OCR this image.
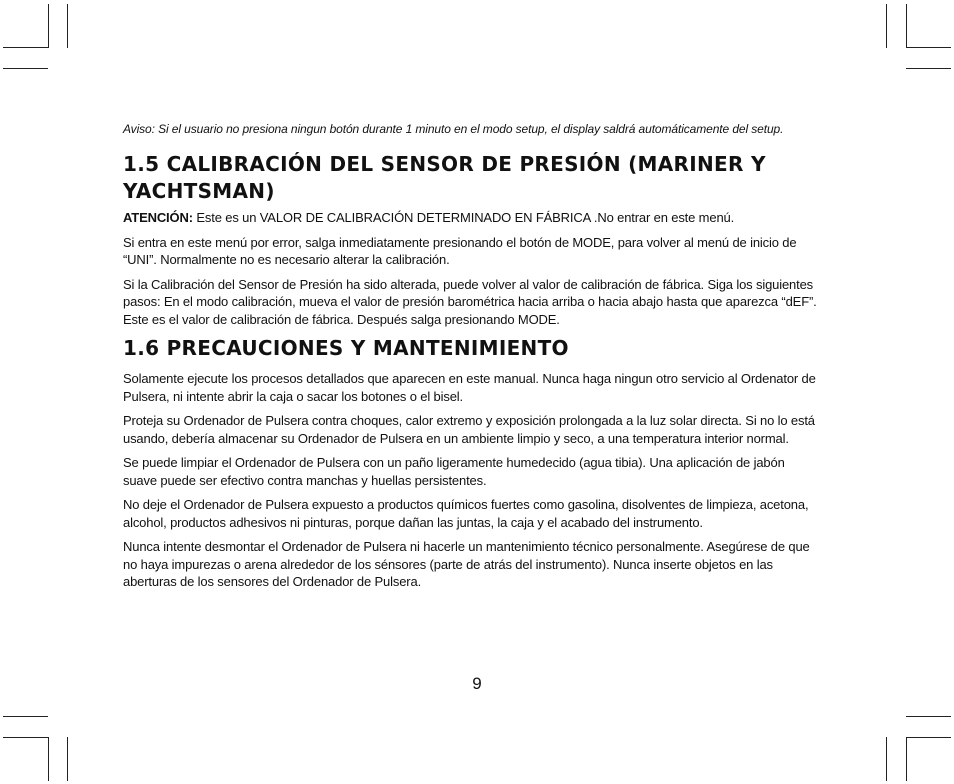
Aviso: Si el usuario no presiona ningun botón durante 1 minuto en el modo setup, el display saldrá automáticamente del setup.

1.5 CALIBRACIÓN DEL SENSOR DE PRESIÓN (MARINER Y YACHTSMAN)

ATENCIÓN: Este es un VALOR DE CALIBRACIÓN DETERMINADO EN FÁBRICA .No entrar en este menú.

Si entra en este menú por error, salga inmediatamente presionando el botón de MODE, para volver al menú de inicio de “UNI”. Normalmente no es necesario alterar la calibración.

Si la Calibración del Sensor de Presión ha sido alterada, puede volver al valor de calibración de fábrica. Siga los siguientes pasos: En el modo calibración, mueva el valor de presión barométrica hacia arriba o hacia abajo hasta que aparezca “dEF”. Este es el valor de calibración de fábrica. Después salga presionando MODE.

1.6 PRECAUCIONES Y MANTENIMIENTO

Solamente ejecute los procesos detallados que aparecen en este manual. Nunca haga ningun otro servicio al Ordenator de Pulsera, ni intente abrir la caja o sacar los botones o el bisel.

Proteja su Ordenador de Pulsera contra choques, calor extremo y exposición prolongada a la luz solar directa. Si no lo está usando, debería almacenar su Ordenador de Pulsera en un ambiente limpio y seco, a una temperatura interior normal.

Se puede limpiar el Ordenador de Pulsera con un paño ligeramente humedecido (agua tibia). Una aplicación de jabón suave puede ser efectivo contra manchas y huellas persistentes.

No deje el Ordenador de Pulsera expuesto a productos químicos fuertes como gasolina, disolventes de limpieza, acetona, alcohol, productos adhesivos ni pinturas, porque dañan las juntas, la caja y el acabado del instrumento.

Nunca intente desmontar el Ordenador de Pulsera ni hacerle un mantenimiento técnico personalmente. Asegúrese de que no haya impurezas o arena alrededor de los sénsores (parte de atrás del instrumento). Nunca inserte objetos en las aberturas de los sensores del Ordenador de Pulsera.

9
